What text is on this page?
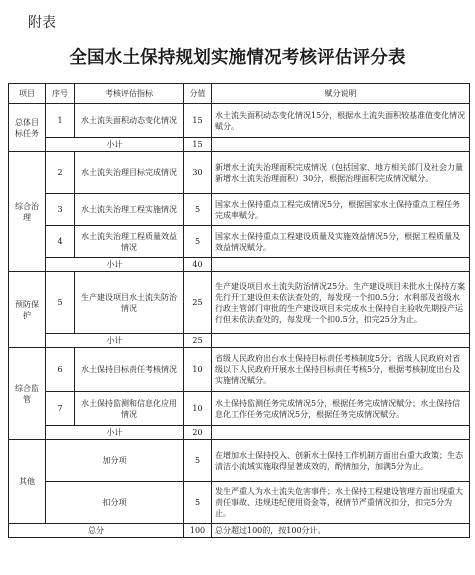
附表
全国水土保持规划实施情况考核评估评分表
项目	序号	考核评估指标	分值	赋分说明
总体目标任务	1	水土流失面积动态变化情况	15	水土流失面积动态变化情况15分，根据水土流失面积较基准值变化情况赋分。
	小计		15	
综合治理	2	水土流失治理目标完成情况	30	新增水土流失治理面积完成情况（包括国家、地方相关部门及社会力量新增水土流失治理面积）30分，根据治理面积完成情况赋分。
	3	水土流失治理工程实施情况	5	国家水土保持重点工程完成情况5分，根据国家水土保持重点工程任务完成率赋分。
	4	水土流失治理工程质量效益情况	5	国家水土保持重点工程建设质量及实施效益情况5分，根据工程质量及效益情况赋分。
	小计		40	
预防保护	5	生产建设项目水土流失防治情况	25	生产建设项目水土流失防治情况25分。生产建设项目未批水土保持方案先行开工建设但未依法查处的，每发现一个扣0.5分；水利部及省级水行政主管部门审批的生产建设项目未完成水土保持自主验收先期投产运行但未依法查处的，每发现一个扣0.5分，扣完25分为止。
	小计		25	
综合监管	6	水土保持目标责任考核情况	10	省级人民政府出台水土保持目标责任考核制度5分；省级人民政府对省级以下人民政府开展水土保持目标责任考核5分，根据考核制度出台及实施情况赋分。
	7	水土保持监测和信息化应用情况	10	水土保持监测任务完成情况5分，根据任务完成情况赋分；水土保持信息化工作任务完成情况5分，根据任务完成情况赋分。
	小计		20	
其他	加分项		5	在增加水土保持投入、创新水土保持工作机制方面出台重大政策；生态清洁小流域实施取得显著成效的，酌情加分，加满5分为止。
	扣分项		5	发生严重人为水土流失危害事件；水土保持工程建设管理方面出现重大责任事故、违规违纪使用资金等，视情节严重情况扣分，扣完5分为止。
总分			100	总分超过100的，按100分计。
